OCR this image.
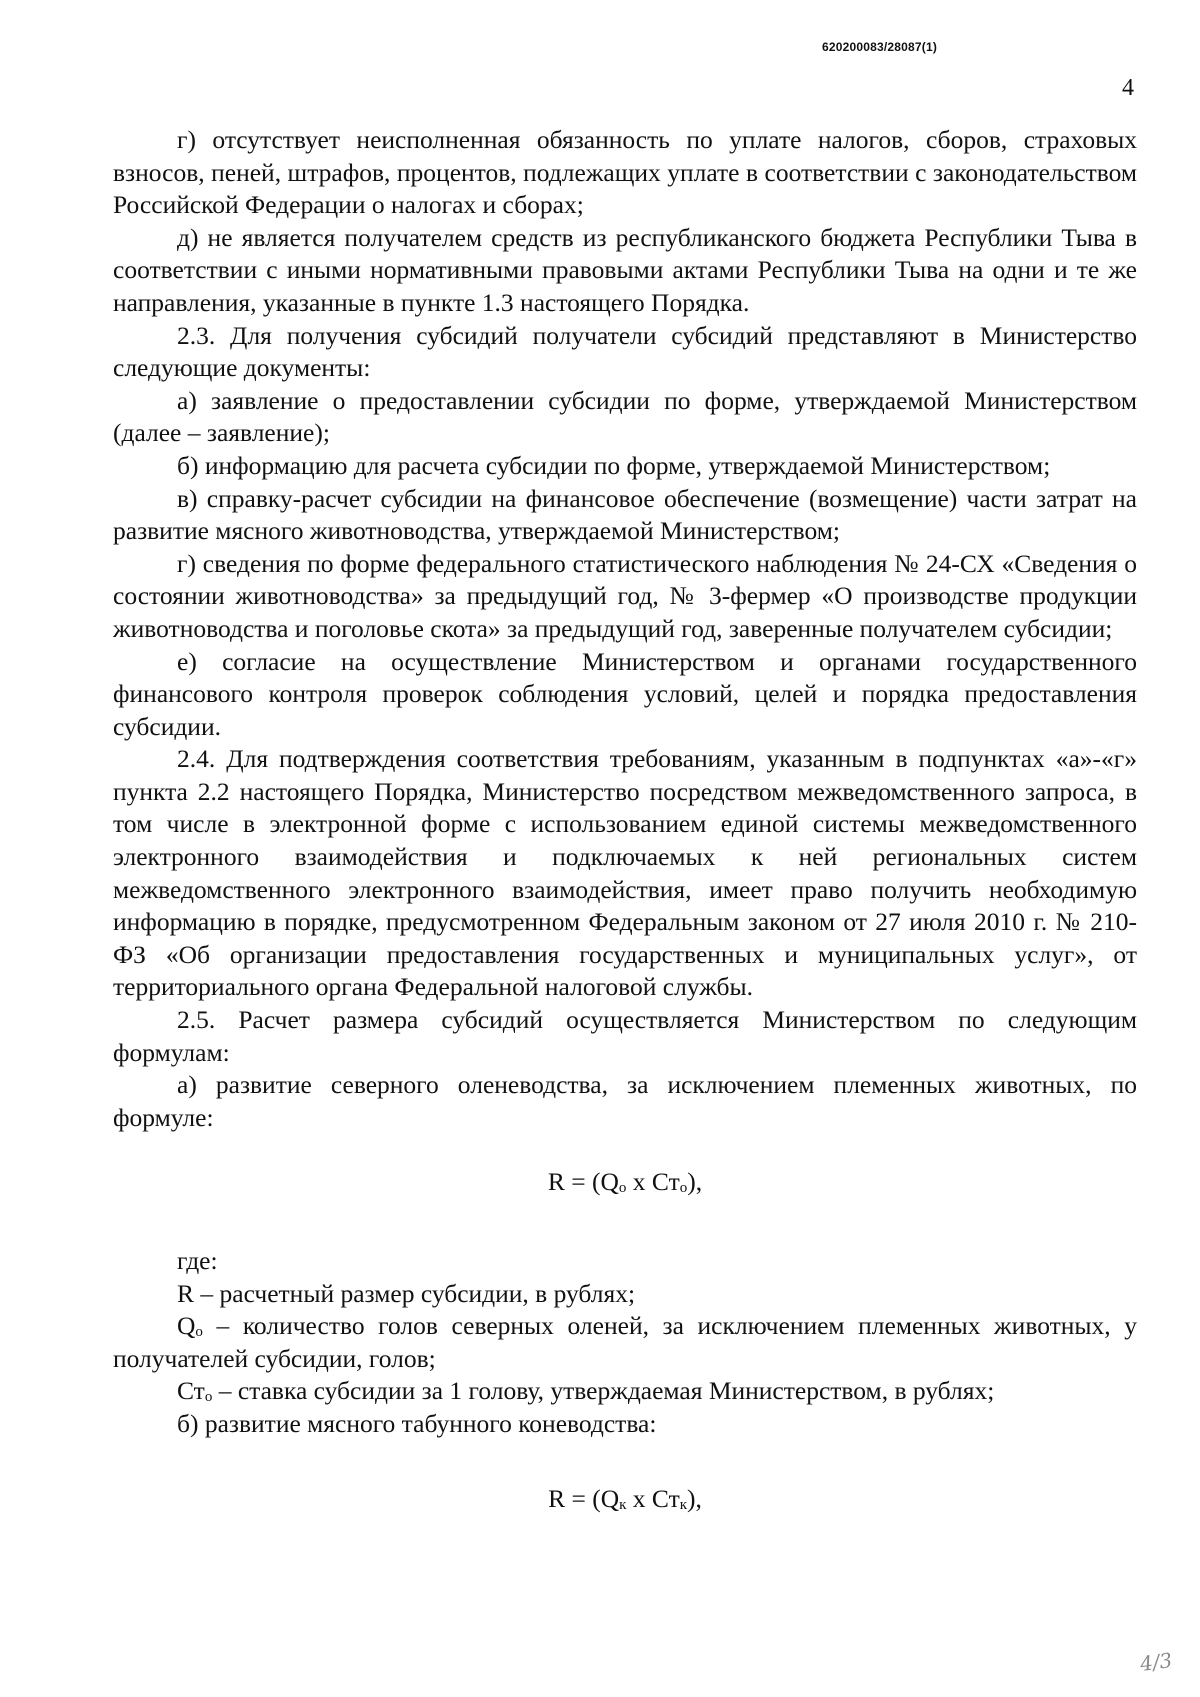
620200083/28087(1)
4

г) отсутствует неисполненная обязанность по уплате налогов, сборов, страховых взносов, пеней, штрафов, процентов, подлежащих уплате в соответствии с законодательством Российской Федерации о налогах и сборах;

д) не является получателем средств из республиканского бюджета Республики Тыва в соответствии с иными нормативными правовыми актами Республики Тыва на одни и те же направления, указанные в пункте 1.3 настоящего Порядка.

2.3. Для получения субсидий получатели субсидий представляют в Министерство следующие документы:

а) заявление о предоставлении субсидии по форме, утверждаемой Министерством (далее – заявление);

б) информацию для расчета субсидии по форме, утверждаемой Министерством;

в) справку-расчет субсидии на финансовое обеспечение (возмещение) части затрат на развитие мясного животноводства, утверждаемой Министерством;

г) сведения по форме федерального статистического наблюдения № 24-СХ «Сведения о состоянии животноводства» за предыдущий год, № 3-фермер «О производстве продукции животноводства и поголовье скота» за предыдущий год, заверенные получателем субсидии;

е) согласие на осуществление Министерством и органами государственного финансового контроля проверок соблюдения условий, целей и порядка предоставления субсидии.

2.4. Для подтверждения соответствия требованиям, указанным в подпунктах «а»-«г» пункта 2.2 настоящего Порядка, Министерство посредством межведомственного запроса, в том числе в электронной форме с использованием единой системы межведомственного электронного взаимодействия и подключаемых к ней региональных систем межведомственного электронного взаимодействия, имеет право получить необходимую информацию в порядке, предусмотренном Федеральным законом от 27 июля 2010 г. № 210-ФЗ «Об организации предоставления государственных и муниципальных услуг», от территориального органа Федеральной налоговой службы.

2.5. Расчет размера субсидий осуществляется Министерством по следующим формулам:

а) развитие северного оленеводства, за исключением племенных животных, по формуле:

$R = (Q_о$ х $Ст_о$),

где:

R – расчетный размер субсидии, в рублях;

$Q_о$ – количество голов северных оленей, за исключением племенных животных, у получателей субсидии, голов;

$Ст_о$ – ставка субсидии за 1 голову, утверждаемая Министерством, в рублях;

б) развитие мясного табунного коневодства:

$R = (Q_к$ х $Ст_к$),

4/3
